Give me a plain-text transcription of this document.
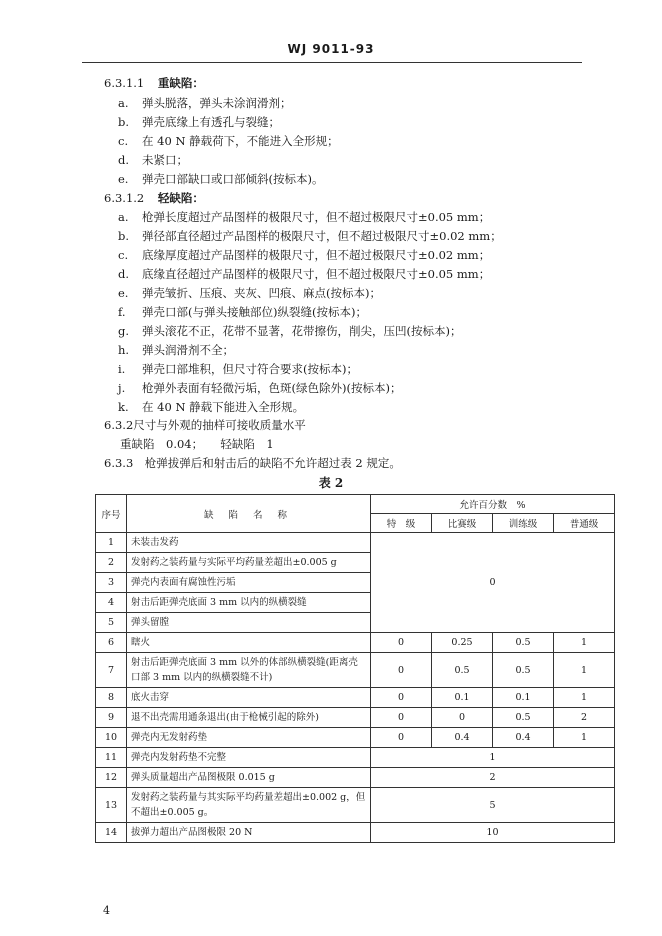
WJ 9011-93
6.3.1.1 重缺陷：
a. 弹头脱落，弹头未涂润滑剂；
b. 弹壳底缘上有透孔与裂缝；
c. 在 40 N 静载荷下，不能进入全形规；
d. 未紧口；
e. 弹壳口部缺口或口部倾斜(按标本)。
6.3.1.2 轻缺陷：
a. 枪弹长度超过产品图样的极限尺寸，但不超过极限尺寸±0.05 mm；
b. 弹径部直径超过产品图样的极限尺寸，但不超过极限尺寸±0.02 mm；
c. 底缘厚度超过产品图样的极限尺寸，但不超过极限尺寸±0.02 mm；
d. 底缘直径超过产品图样的极限尺寸，但不超过极限尺寸±0.05 mm；
e. 弹壳皱折、压痕、夹灰、凹痕、麻点(按标本)；
f. 弹壳口部(与弹头接触部位)纵裂缝(按标本)；
g. 弹头滚花不正，花带不显著，花带擦伤，削尖，压凹(按标本)；
h. 弹头润滑剂不全；
i. 弹壳口部堆积，但尺寸符合要求(按标本)；
j. 枪弹外表面有轻微污垢，色斑(绿色除外)(按标本)；
k. 在 40 N 静载下能进入全形规。
6.3.2尺寸与外观的抽样可接收质量水平
重缺陷　0.04；　　轻缺陷　1
6.3.3　 枪弹拔弹后和射击后的缺陷不允许超过表 2 规定。
表 2
序号	缺 陷 名 称	允许百分数　%			
		特　级	比赛级	训练级	普通级
1	未装击发药	0			
2	发射药之装药量与实际平均药量差超出±0.005 g				
3	弹壳内表面有腐蚀性污垢				
4	射击后距弹壳底面 3 mm 以内的纵横裂缝				
5	弹头留膛				
6	瞎火	0	0.25	0.5	1
7	射击后距弹壳底面 3 mm 以外的体部纵横裂缝(距离壳口部 3 mm 以内的纵横裂缝不计)	0	0.5	0.5	1
8	底火击穿	0	0.1	0.1	1
9	退不出壳需用通条退出(由于枪械引起的除外)	0	0	0.5	2
10	弹壳内无发射药垫	0	0.4	0.4	1
11	弹壳内发射药垫不完整	1			
12	弹头质量超出产品图极限 0.015 g	2			
13	发射药之装药量与其实际平均药量差超出±0.002 g，但不超出±0.005 g。	5			
14	拔弹力超出产品图极限 20 N	10			
4
